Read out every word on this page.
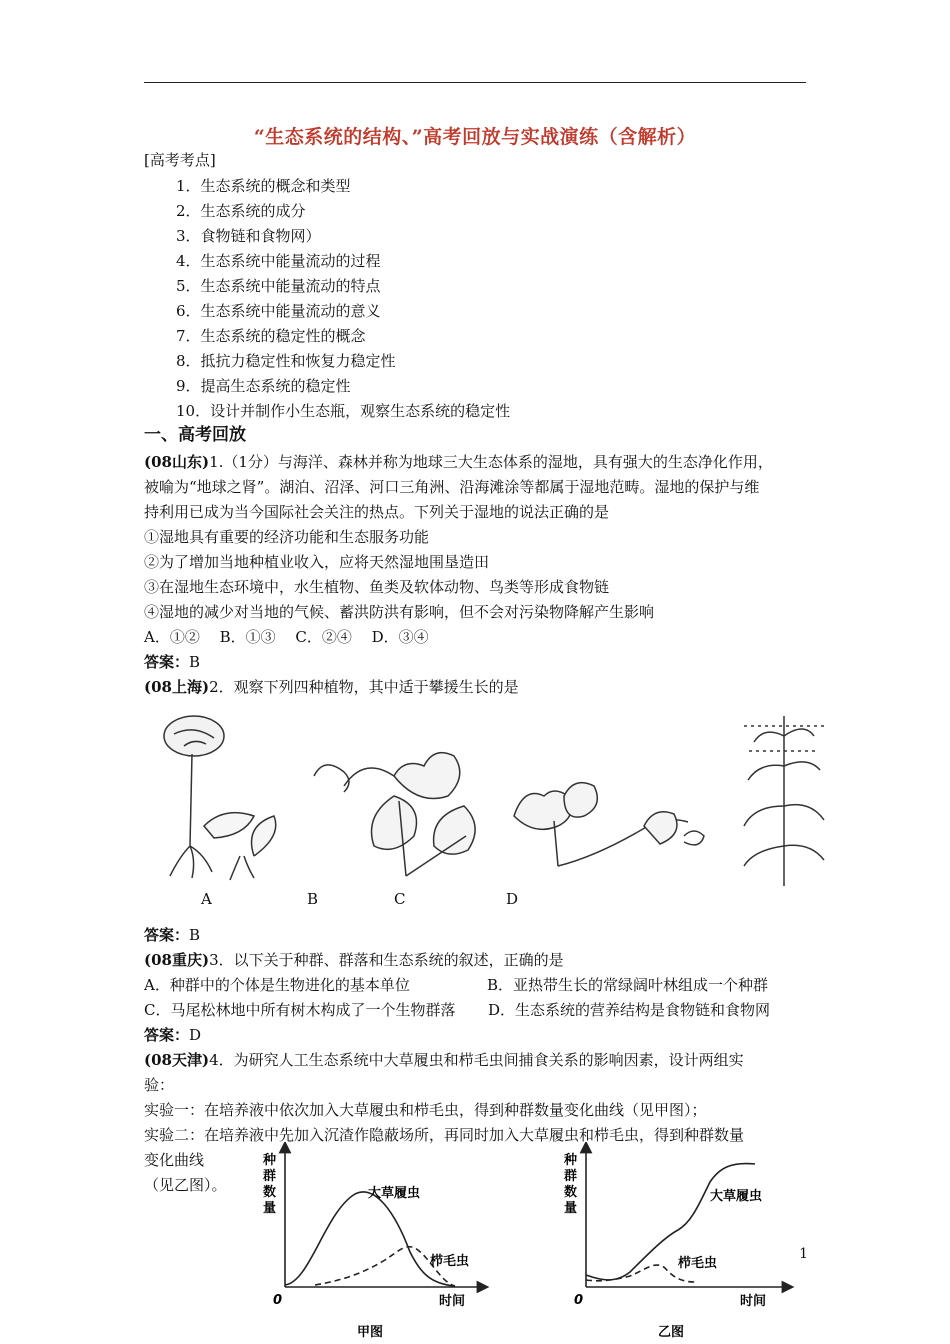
“生态系统的结构、”高考回放与实战演练（含解析）
[高考考点]
1．生态系统的概念和类型
2．生态系统的成分
3．食物链和食物网）
4．生态系统中能量流动的过程
5．生态系统中能量流动的特点
6．生态系统中能量流动的意义
7．生态系统的稳定性的概念
8．抵抗力稳定性和恢复力稳定性
9．提高生态系统的稳定性
10．设计并制作小生态瓶，观察生态系统的稳定性
一、高考回放
(08山东)1.（1分）与海洋、森林并称为地球三大生态体系的湿地，具有强大的生态净化作用，
被喻为“地球之肾”。湖泊、沼泽、河口三角洲、沿海滩涂等都属于湿地范畴。湿地的保护与维
持利用已成为当今国际社会关注的热点。下列关于湿地的说法正确的是
①湿地具有重要的经济功能和生态服务功能
②为了增加当地种植业收入，应将天然湿地围垦造田
③在湿地生态环境中，水生植物、鱼类及软体动物、鸟类等形成食物链
④湿地的减少对当地的气候、蓄洪防洪有影响，但不会对污染物降解产生影响
A．①②　 B．①③　 C．②④　 D．③④
答案：B
(08上海)2．观察下列四种植物，其中适于攀援生长的是
A	B	C	D
答案：B
(08重庆)3．以下关于种群、群落和生态系统的叙述，正确的是
A．种群中的个体是生物进化的基本单位	B．亚热带生长的常绿阔叶林组成一个种群
C．马尾松林地中所有树木构成了一个生物群落 D．生态系统的营养结构是食物链和食物网
答案：D
(08天津)4．为研究人工生态系统中大草履虫和栉毛虫间捕食关系的影响因素，设计两组实
验：
实验一：在培养液中依次加入大草履虫和栉毛虫，得到种群数量变化曲线（见甲图）；
实验二：在培养液中先加入沉渣作隐蔽场所，再同时加入大草履虫和栉毛虫，得到种群数量
变化曲线
（见乙图）。
种
群
数
量
0	时间
甲图
大草履虫
栉毛虫
种
群
数
量
0	时间
乙图
大草履虫
栉毛虫
1
